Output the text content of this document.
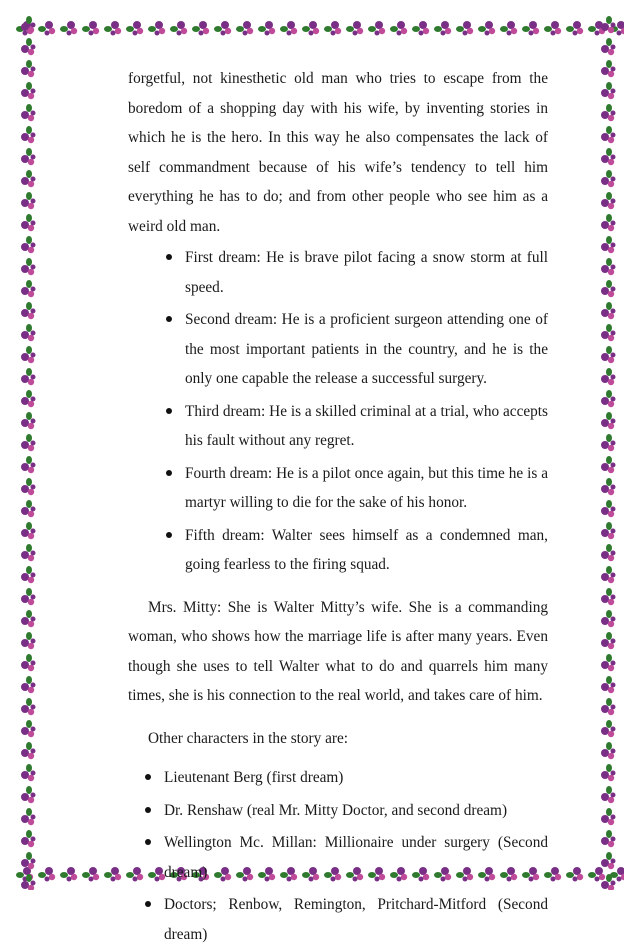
forgetful, not kinesthetic old man who tries to escape from the boredom of a shopping day with his wife, by inventing stories in which he is the hero. In this way he also compensates the lack of self commandment because of his wife’s tendency to tell him everything he has to do; and from other people who see him as a weird old man.

First dream: He is brave pilot facing a snow storm at full speed.
Second dream: He is a proficient surgeon attending one of the most important patients in the country, and he is the only one capable the release a successful surgery.
Third dream: He is a skilled criminal at a trial, who accepts his fault without any regret.
Fourth dream: He is a pilot once again, but this time he is a martyr willing to die for the sake of his honor.
Fifth dream: Walter sees himself as a condemned man, going fearless to the firing squad.

Mrs. Mitty: She is Walter Mitty’s wife. She is a commanding woman, who shows how the marriage life is after many years. Even though she uses to tell Walter what to do and quarrels him many times, she is his connection to the real world, and takes care of him.

Other characters in the story are:

Lieutenant Berg (first dream)
Dr. Renshaw (real Mr. Mitty Doctor, and second dream)
Wellington Mc. Millan: Millionaire under surgery (Second dream)
Doctors; Renbow, Remington, Pritchard-Mitford (Second dream)
